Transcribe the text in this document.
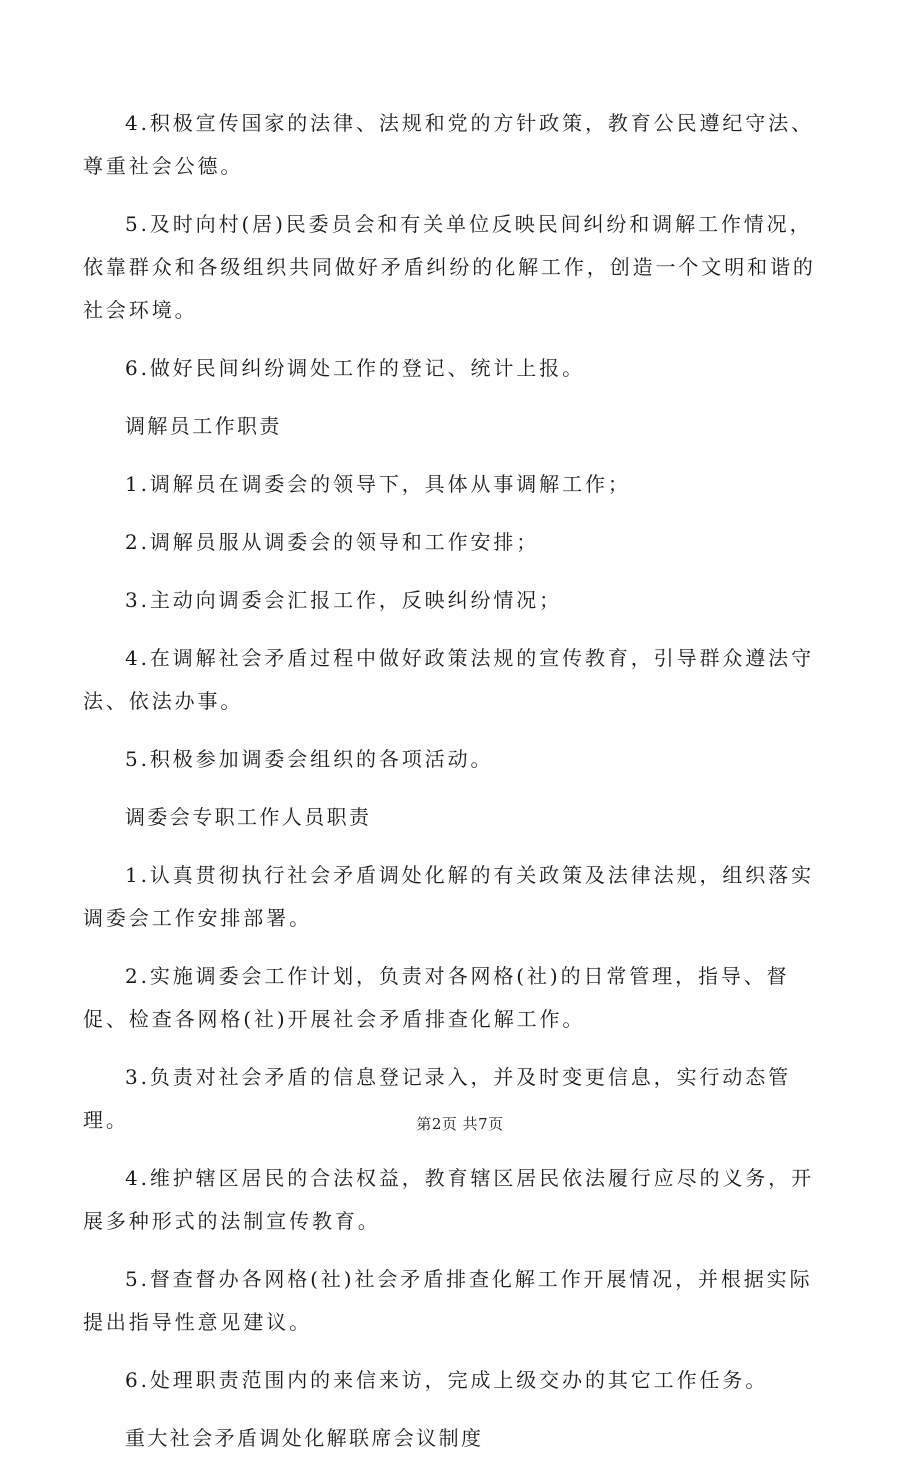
4.积极宣传国家的法律、法规和党的方针政策，教育公民遵纪守法、尊重社会公德。

5.及时向村(居)民委员会和有关单位反映民间纠纷和调解工作情况，依靠群众和各级组织共同做好矛盾纠纷的化解工作，创造一个文明和谐的社会环境。

6.做好民间纠纷调处工作的登记、统计上报。

调解员工作职责

1.调解员在调委会的领导下，具体从事调解工作；

2.调解员服从调委会的领导和工作安排；

3.主动向调委会汇报工作，反映纠纷情况；

4.在调解社会矛盾过程中做好政策法规的宣传教育，引导群众遵法守法、依法办事。

5.积极参加调委会组织的各项活动。

调委会专职工作人员职责

1.认真贯彻执行社会矛盾调处化解的有关政策及法律法规，组织落实调委会工作安排部署。

2.实施调委会工作计划，负责对各网格(社)的日常管理，指导、督促、检查各网格(社)开展社会矛盾排查化解工作。

3.负责对社会矛盾的信息登记录入，并及时变更信息，实行动态管理。

4.维护辖区居民的合法权益，教育辖区居民依法履行应尽的义务，开展多种形式的法制宣传教育。

5.督查督办各网格(社)社会矛盾排查化解工作开展情况，并根据实际提出指导性意见建议。

6.处理职责范围内的来信来访，完成上级交办的其它工作任务。

重大社会矛盾调处化解联席会议制度

第2页 共7页
